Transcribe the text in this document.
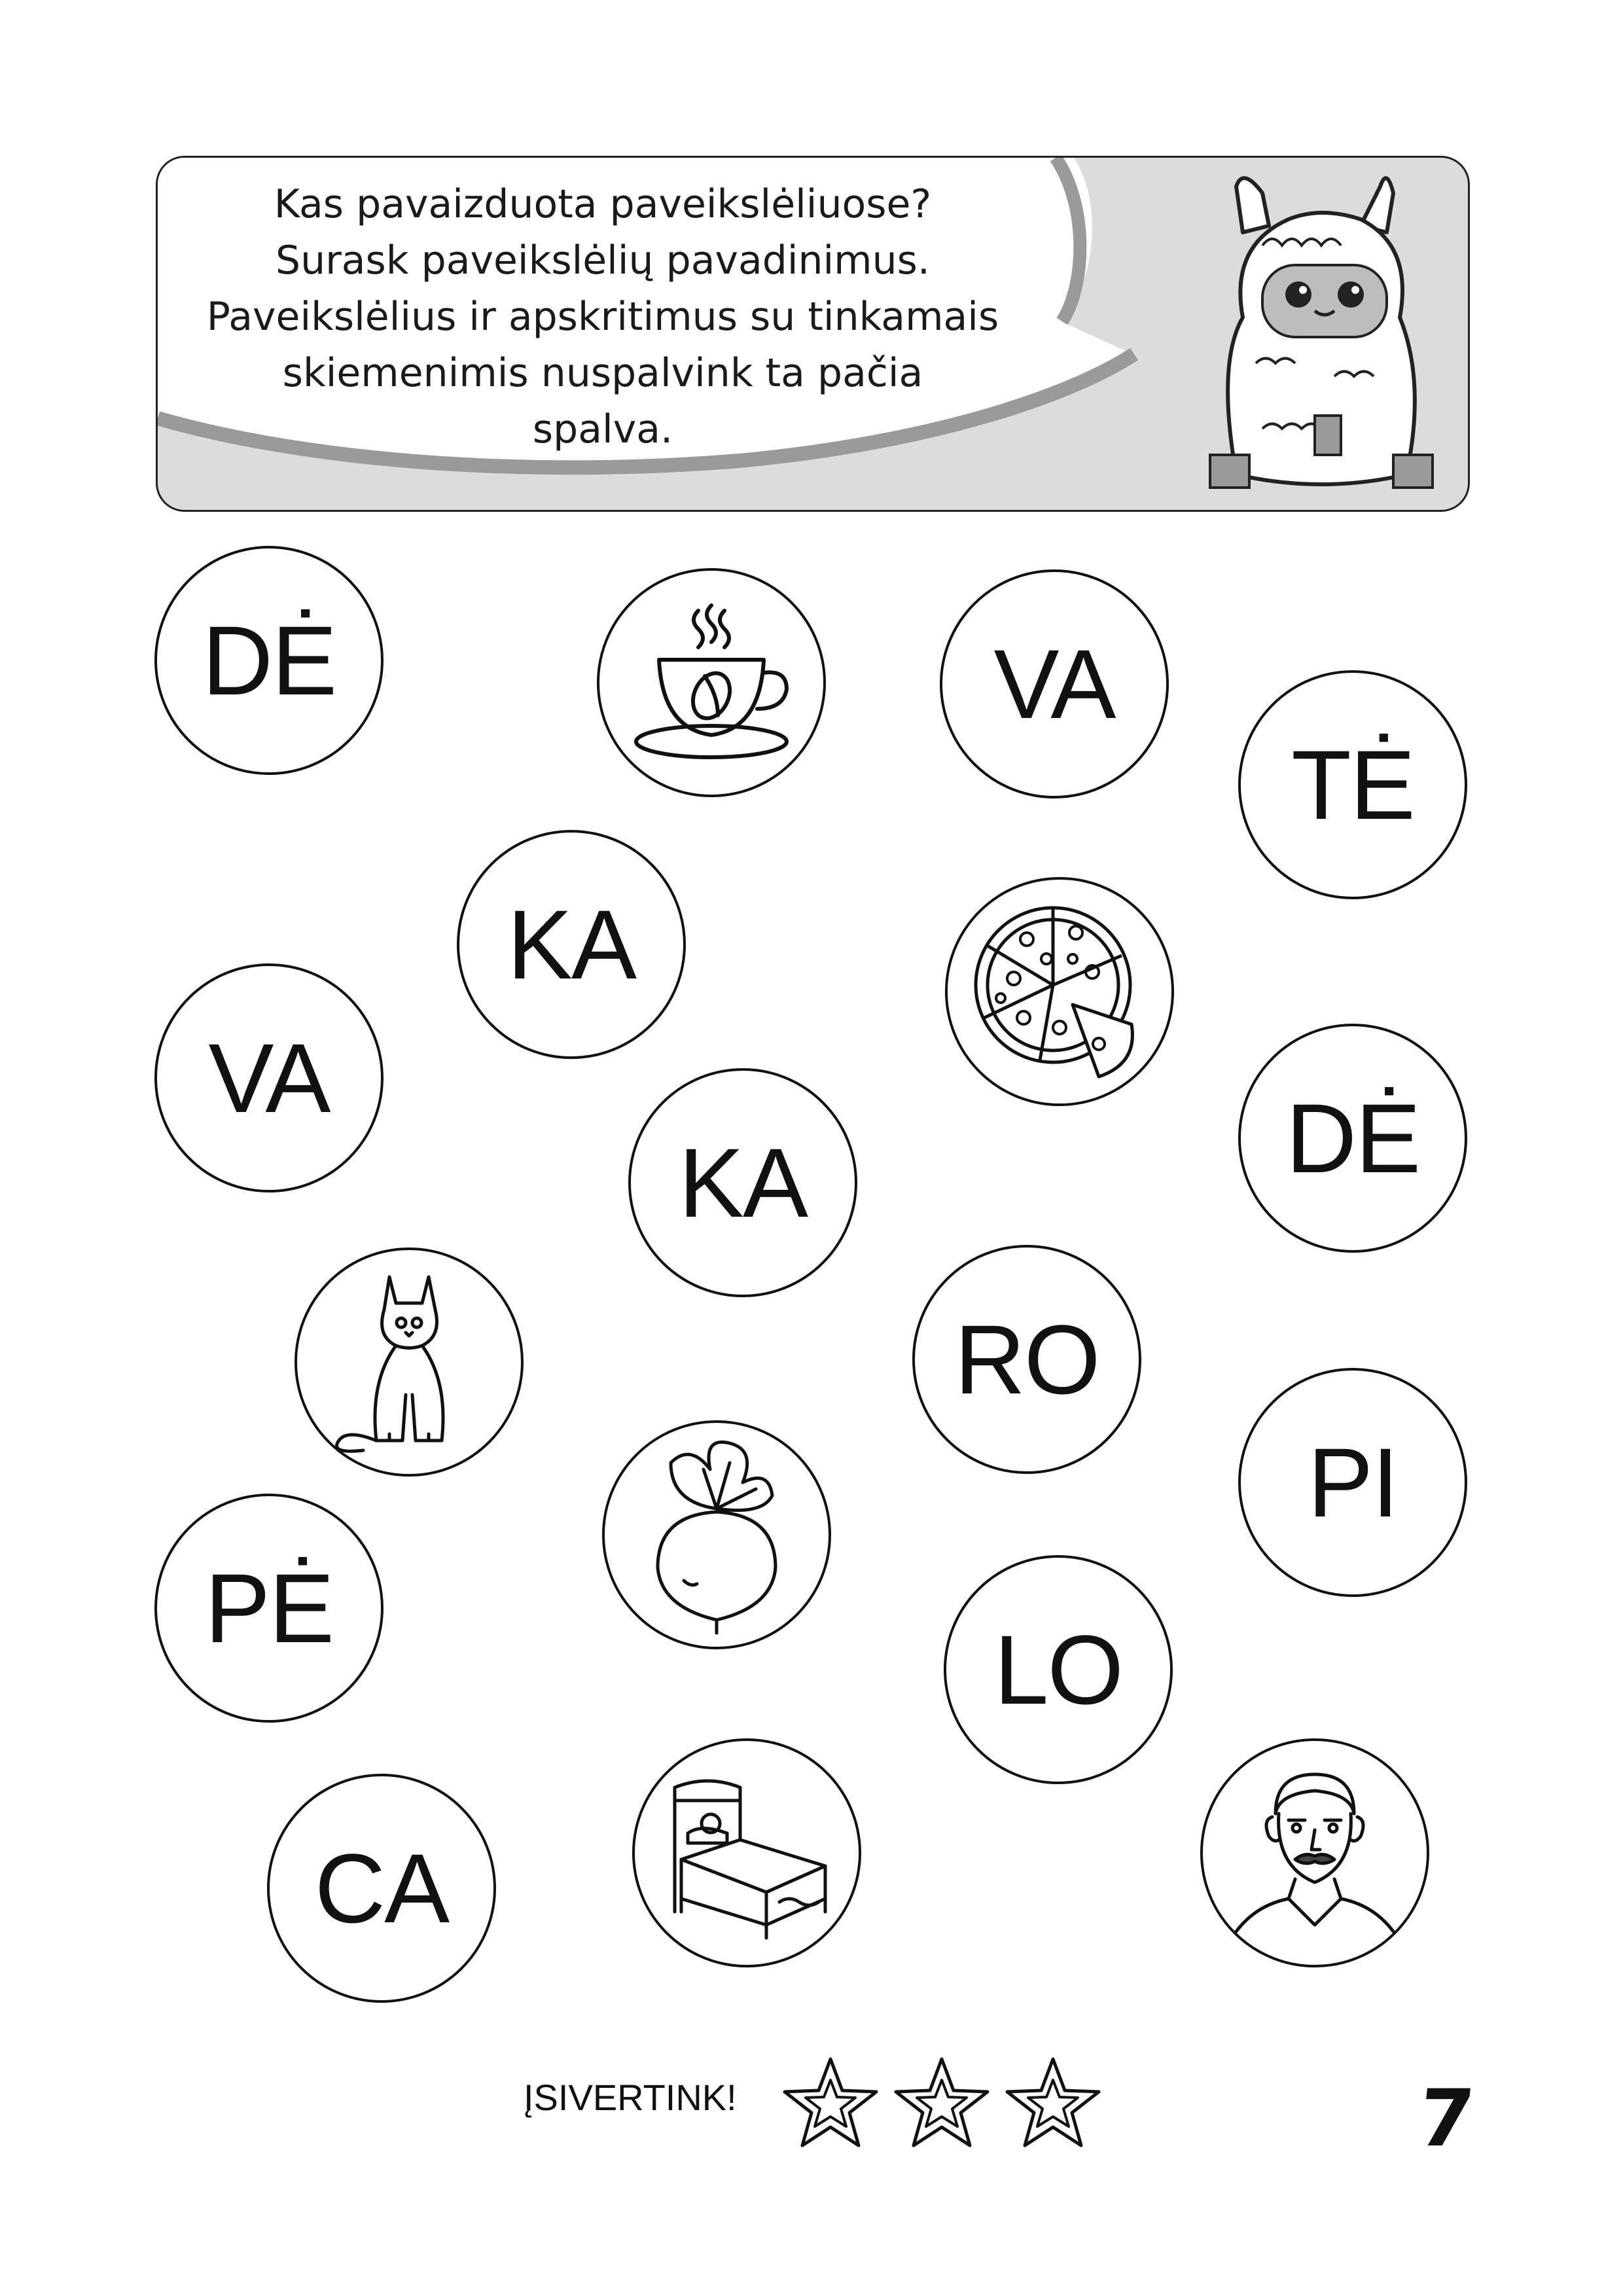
Kas pavaizduota paveikslėliuose?
Surask paveikslėlių pavadinimus.
Paveikslėlius ir apskritimus su tinkamais
skiemenimis nuspalvink ta pačia
spalva.
DĖ	VA
TĖ
KA
VA
DĖ
KA
RO
PI
PĖ
LO
CA
ĮSIVERTINK!	7
